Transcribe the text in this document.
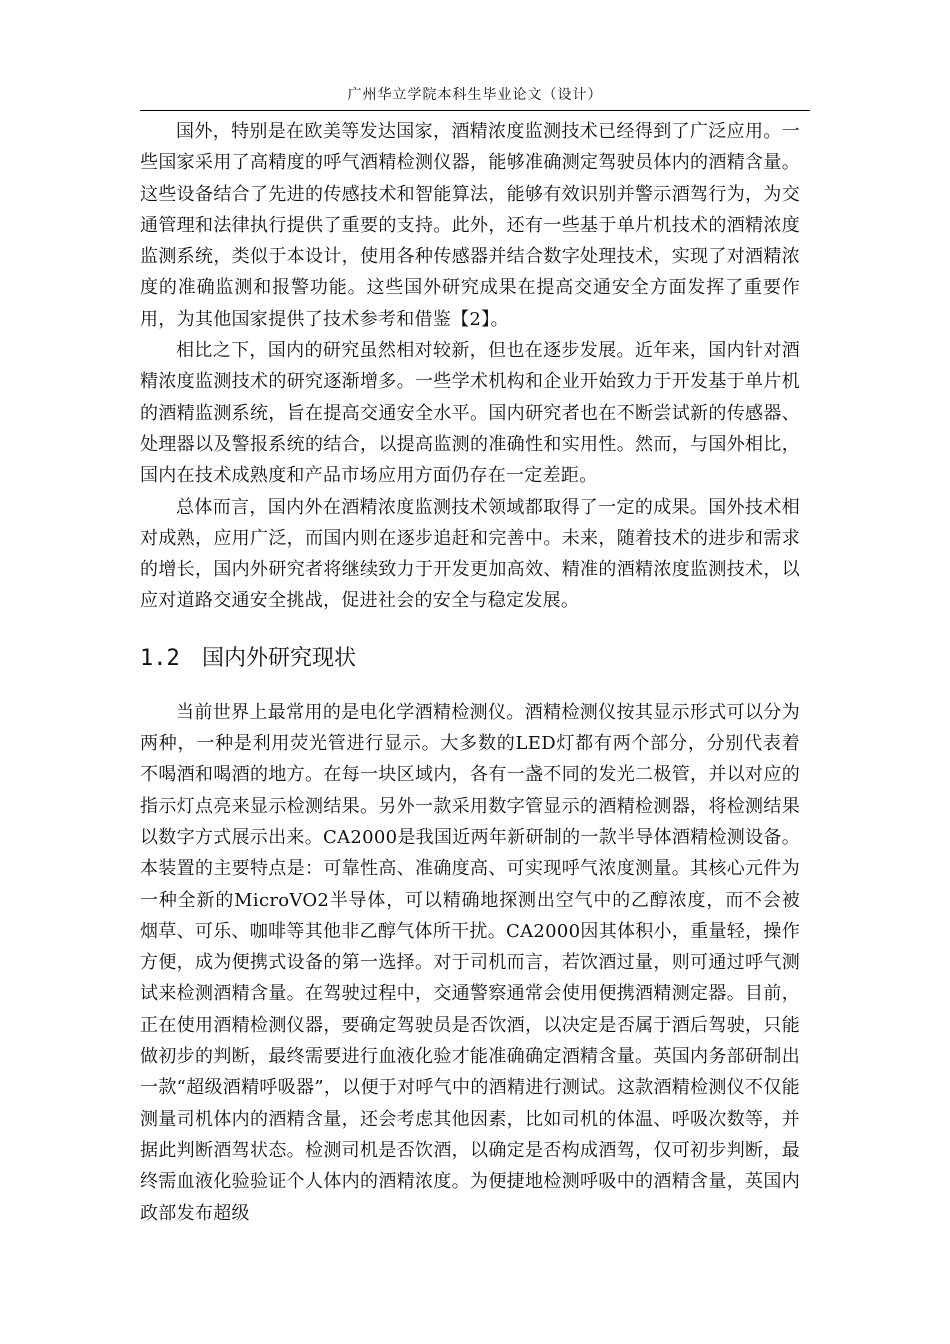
广州华立学院本科生毕业论文（设计）

国外，特别是在欧美等发达国家，酒精浓度监测技术已经得到了广泛应用。一些国家采用了高精度的呼气酒精检测仪器，能够准确测定驾驶员体内的酒精含量。这些设备结合了先进的传感技术和智能算法，能够有效识别并警示酒驾行为，为交通管理和法律执行提供了重要的支持。此外，还有一些基于单片机技术的酒精浓度监测系统，类似于本设计，使用各种传感器并结合数字处理技术，实现了对酒精浓度的准确监测和报警功能。这些国外研究成果在提高交通安全方面发挥了重要作用，为其他国家提供了技术参考和借鉴【2】。

相比之下，国内的研究虽然相对较新，但也在逐步发展。近年来，国内针对酒精浓度监测技术的研究逐渐增多。一些学术机构和企业开始致力于开发基于单片机的酒精监测系统，旨在提高交通安全水平。国内研究者也在不断尝试新的传感器、处理器以及警报系统的结合，以提高监测的准确性和实用性。然而，与国外相比，国内在技术成熟度和产品市场应用方面仍存在一定差距。

总体而言，国内外在酒精浓度监测技术领域都取得了一定的成果。国外技术相对成熟，应用广泛，而国内则在逐步追赶和完善中。未来，随着技术的进步和需求的增长，国内外研究者将继续致力于开发更加高效、精准的酒精浓度监测技术，以应对道路交通安全挑战，促进社会的安全与稳定发展。

1.2 国内外研究现状

当前世界上最常用的是电化学酒精检测仪。酒精检测仪按其显示形式可以分为两种，一种是利用荧光管进行显示。大多数的LED灯都有两个部分，分别代表着不喝酒和喝酒的地方。在每一块区域内，各有一盏不同的发光二极管，并以对应的指示灯点亮来显示检测结果。另外一款采用数字管显示的酒精检测器，将检测结果以数字方式展示出来。CA2000是我国近两年新研制的一款半导体酒精检测设备。本装置的主要特点是：可靠性高、准确度高、可实现呼气浓度测量。其核心元件为一种全新的MicroVO2半导体，可以精确地探测出空气中的乙醇浓度，而不会被烟草、可乐、咖啡等其他非乙醇气体所干扰。CA2000因其体积小，重量轻，操作方便，成为便携式设备的第一选择。对于司机而言，若饮酒过量，则可通过呼气测试来检测酒精含量。在驾驶过程中，交通警察通常会使用便携酒精测定器。目前，正在使用酒精检测仪器，要确定驾驶员是否饮酒，以决定是否属于酒后驾驶，只能做初步的判断，最终需要进行血液化验才能准确确定酒精含量。英国内务部研制出一款“超级酒精呼吸器”，以便于对呼气中的酒精进行测试。这款酒精检测仪不仅能测量司机体内的酒精含量，还会考虑其他因素，比如司机的体温、呼吸次数等，并据此判断酒驾状态。检测司机是否饮酒，以确定是否构成酒驾，仅可初步判断，最终需血液化验验证个人体内的酒精浓度。为便捷地检测呼吸中的酒精含量，英国内政部发布超级
